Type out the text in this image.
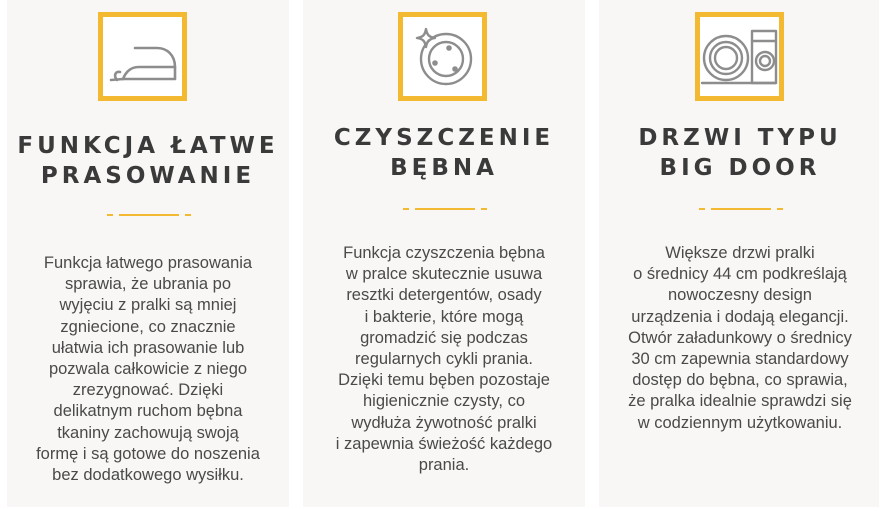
FUNKCJA ŁATWE
PRASOWANIE

Funkcja łatwego prasowania
sprawia, że ubrania po
wyjęciu z pralki są mniej
zgniecione, co znacznie
ułatwia ich prasowanie lub
pozwala całkowicie z niego
zrezygnować. Dzięki
delikatnym ruchom bębna
tkaniny zachowują swoją
formę i są gotowe do noszenia
bez dodatkowego wysiłku.

CZYSZCZENIE
BĘBNA

Funkcja czyszczenia bębna
w pralce skutecznie usuwa
resztki detergentów, osady
i bakterie, które mogą
gromadzić się podczas
regularnych cykli prania.
Dzięki temu bęben pozostaje
higienicznie czysty, co
wydłuża żywotność pralki
i zapewnia świeżość każdego
prania.

DRZWI TYPU
BIG DOOR

Większe drzwi pralki
o średnicy 44 cm podkreślają
nowoczesny design
urządzenia i dodają elegancji.
Otwór załadunkowy o średnicy
30 cm zapewnia standardowy
dostęp do bębna, co sprawia,
że pralka idealnie sprawdzi się
w codziennym użytkowaniu.
